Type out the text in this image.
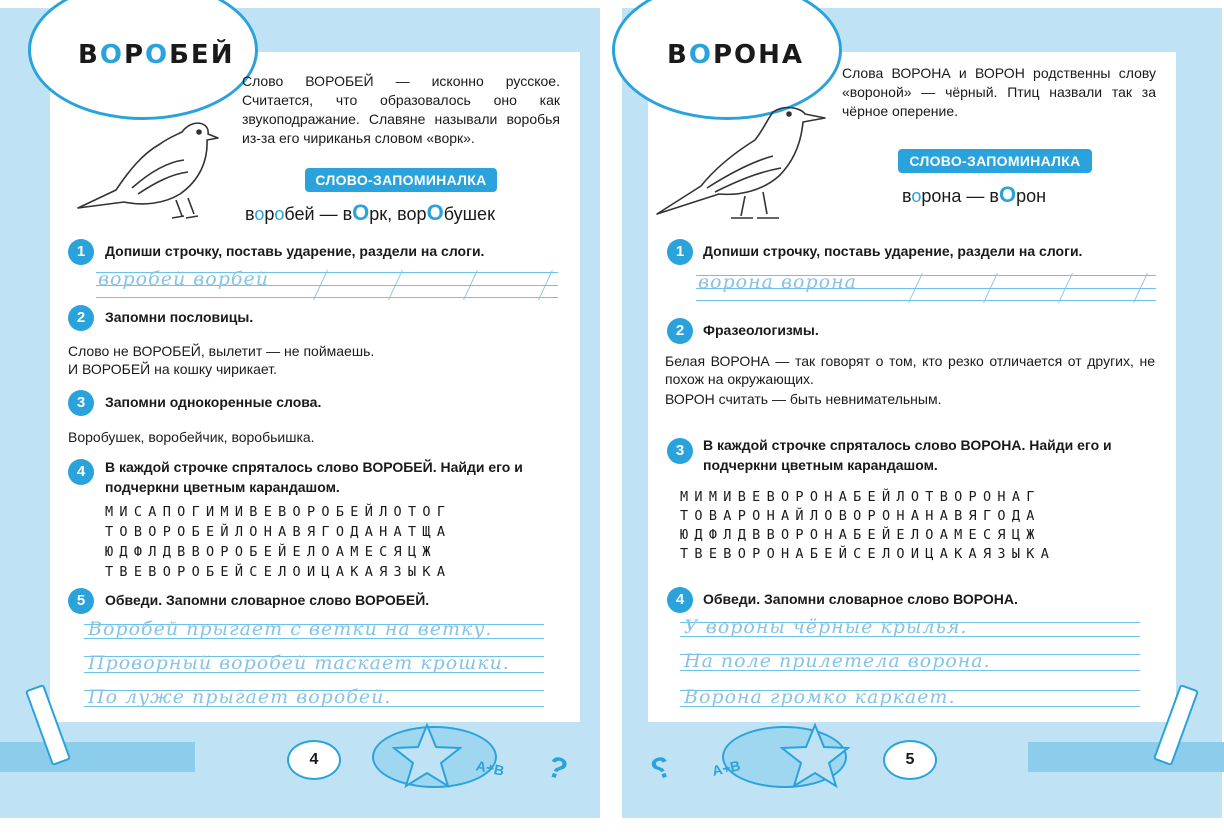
ВОРОБЕЙ	ВОРОНА

Слово ВОРОБЕЙ — исконно русское. Считается, что образовалось оно как звукоподражание. Славяне называли воробья из-за его чириканья словом «ворк».

Слова ВОРОНА и ВОРОН родственны слову «вороной» — чёрный. Птиц назвали так за чёрное оперение.

СЛОВО-ЗАПОМИНАЛКА
СЛОВО-ЗАПОМИНАЛКА
воробей — вОрк, ворОбушек
ворона — вОрон
1	Допиши строчку, поставь ударение, раздели на слоги.
воробей ворбей
2	Запомни пословицы.
Слово не ВОРОБЕЙ, вылетит — не поймаешь.
И ВОРОБЕЙ на кошку чирикает.
3	Запомни однокоренные слова.
Воробушек, воробейчик, воробьишка.
4	В каждой строчке спряталось слово ВОРОБЕЙ. Найди его и подчеркни цветным карандашом.
МИСАПОГИМИВЕВОРОБЕЙЛОТОГ
ТОВОРОБЕЙЛОНАВЯГОДАНАТЩА
ЮДФЛДВВОРОБЕЙЕЛОАМЕСЯЦЖ
ТВЕВОРОБЕЙСЕЛОИЦАКАЯЗЫКА
5	Обведи. Запомни словарное слово ВОРОБЕЙ.
Воробей прыгает с ветки на ветку.
Проворный воробей таскает крошки.
По луже прыгает воробей.
1	Допиши строчку, поставь ударение, раздели на слоги.
ворона ворона
2	Фразеологизмы.
Белая ВОРОНА — так говорят о том, кто резко отличается от других, не похож на окружающих.
ВОРОН считать — быть невнимательным.
3	В каждой строчке спряталось слово ВОРОНА. Найди его и подчеркни цветным карандашом.
МИМИВЕВОРОНАБЕЙЛОТВОРОНАГ
ТОВАРОНАЙЛОВОРОНАНАВЯГОДА
ЮДФЛДВВОРОНАБЕЙЕЛОАМЕСЯЦЖ
ТВЕВОРОНАБЕЙСЕЛОИЦАКАЯЗЫКА
4	Обведи. Запомни словарное слово ВОРОНА.
У вороны чёрные крылья.
На поле прилетела ворона.
Ворона громко каркает.
4	5
А+В	А+В
?	?
